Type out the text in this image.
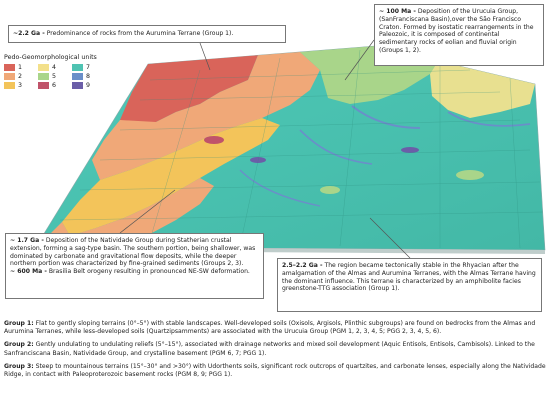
Pedo-Geomorphological units
1	4	7
2	5	8
3	6	9
~2.2 Ga - Predominance of rocks from the Aurumina Terrane (Group 1).
~ 100 Ma - Deposition of the Urucuia Group, (SanFranciscana Basin),over the São Francisco Craton. Formed by isostatic rearrangements in the Paleozoic, it is composed of continental sedimentary rocks of eolian and fluvial origin (Groups 1, 2).
~ 1.7 Ga - Deposition of the Natividade Group during Statherian crustal extension, forming a sag-type basin. The southern portion, being shallower, was dominated by carbonate and gravitational flow deposits, while the deeper northern portion was characterized by fine-grained sediments (Groups 2, 3).
~ 600 Ma - Brasilia Belt orogeny resulting in pronounced NE-SW deformation.
2.5–2.2 Ga - The region became tectonically stable in the Rhyacian after the amalgamation of the Almas and Aurumina Terranes, with the Almas Terrane having the dominant influence. This terrane is characterized by an amphibolite facies greenstone-TTG association (Group 1).

Group 1: Flat to gently sloping terrains (0°–5°) with stable landscapes. Well-developed soils (Oxisols, Argisols, Plinthic subgroups) are found on bedrocks from the Almas and Aurumina Terranes, while less-developed soils (Quartzipsamments) are associated with the Urucuia Group (PGM 1, 2, 3, 4, 5; PGG 2, 3, 4, 5, 6).

Group 2: Gently undulating to undulating reliefs (5°–15°), associated with drainage networks and mixed soil development (Aquic Entisols, Entisols, Cambisols). Linked to the Sanfranciscana Basin, Natividade Group, and crystalline basement (PGM 6, 7; PGG 1).

Group 3: Steep to mountainous terrains (15°–30° and >30°) with Udorthents soils, significant rock outcrops of quartzites, and carbonate lenses, especially along the Natividade Ridge, in contact with Paleoproterozoic basement rocks (PGM 8, 9; PGG 1).
